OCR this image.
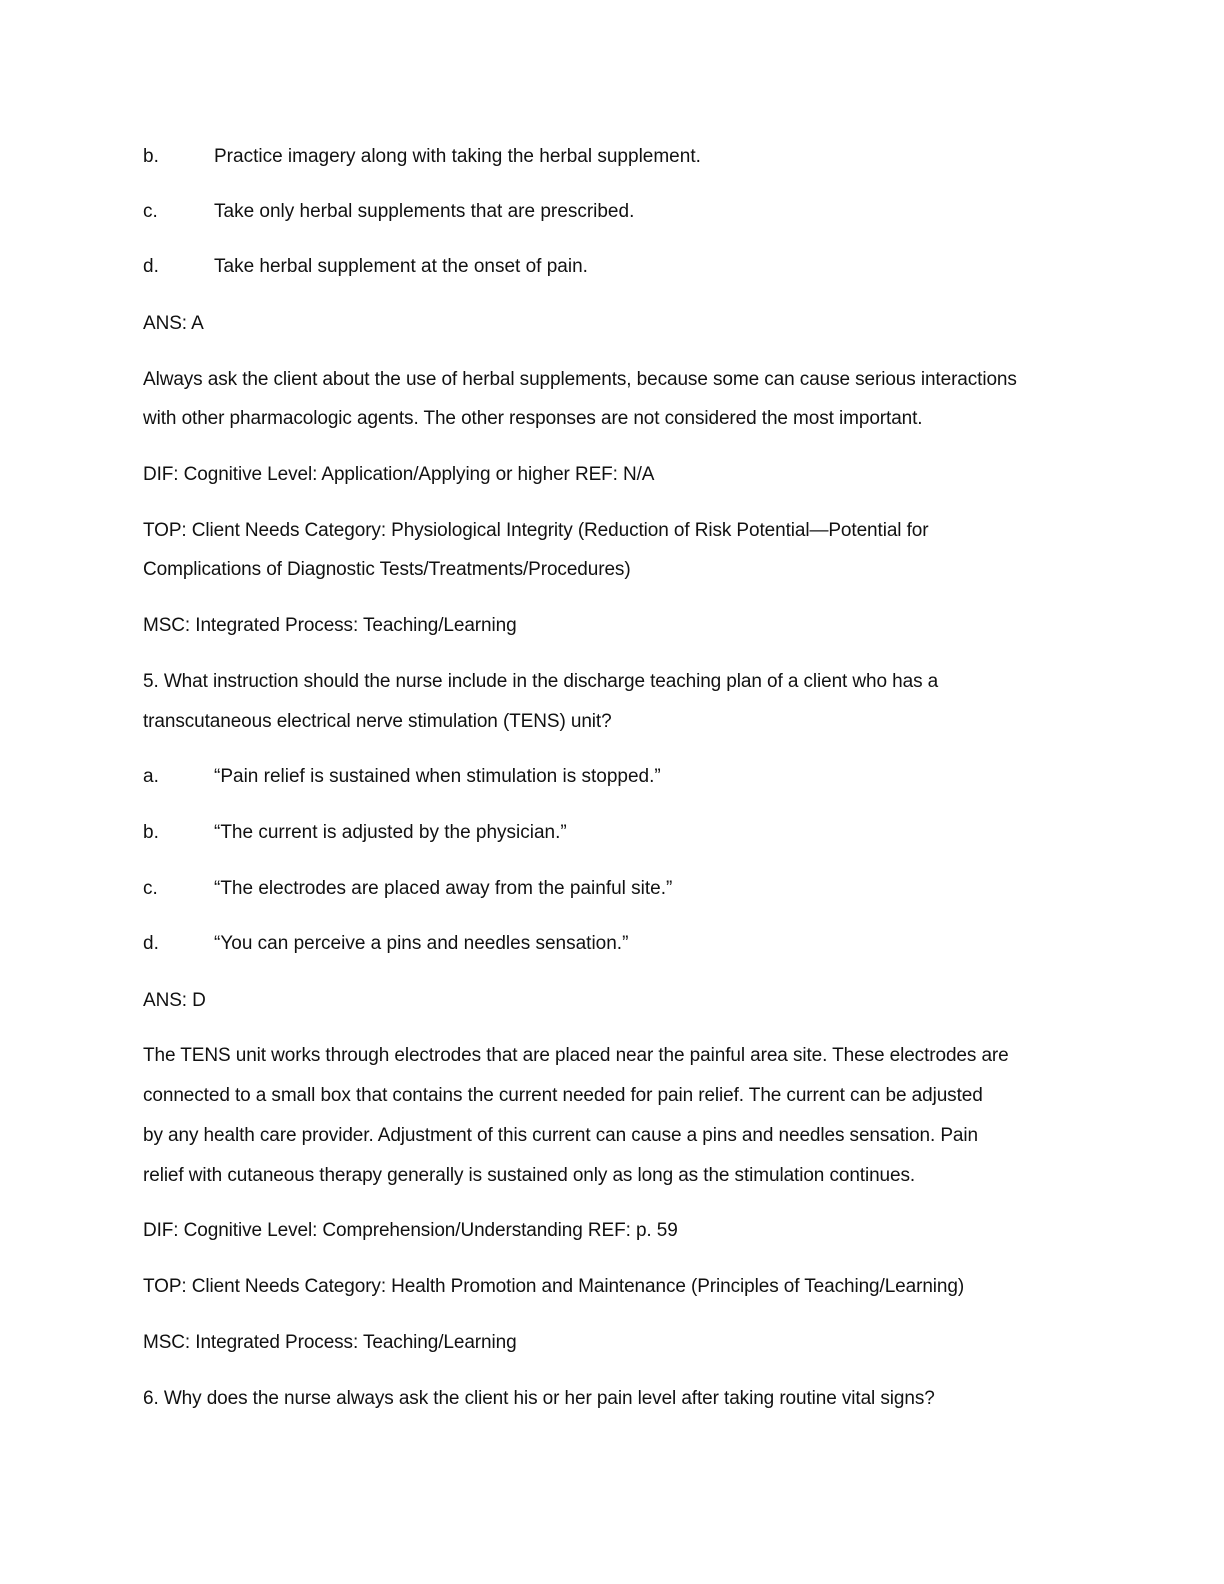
b.	Practice imagery along with taking the herbal supplement.
c.	Take only herbal supplements that are prescribed.
d.	Take herbal supplement at the onset of pain.
ANS: A
Always ask the client about the use of herbal supplements, because some can cause serious interactions
with other pharmacologic agents. The other responses are not considered the most important.
DIF: Cognitive Level: Application/Applying or higher REF: N/A
TOP: Client Needs Category: Physiological Integrity (Reduction of Risk Potential—Potential for
Complications of Diagnostic Tests/Treatments/Procedures)
MSC: Integrated Process: Teaching/Learning
5. What instruction should the nurse include in the discharge teaching plan of a client who has a
transcutaneous electrical nerve stimulation (TENS) unit?
a.	“Pain relief is sustained when stimulation is stopped.”
b.	“The current is adjusted by the physician.”
c.	“The electrodes are placed away from the painful site.”
d.	“You can perceive a pins and needles sensation.”
ANS: D
The TENS unit works through electrodes that are placed near the painful area site. These electrodes are
connected to a small box that contains the current needed for pain relief. The current can be adjusted
by any health care provider. Adjustment of this current can cause a pins and needles sensation. Pain
relief with cutaneous therapy generally is sustained only as long as the stimulation continues.
DIF: Cognitive Level: Comprehension/Understanding REF: p. 59
TOP: Client Needs Category: Health Promotion and Maintenance (Principles of Teaching/Learning)
MSC: Integrated Process: Teaching/Learning
6. Why does the nurse always ask the client his or her pain level after taking routine vital signs?
